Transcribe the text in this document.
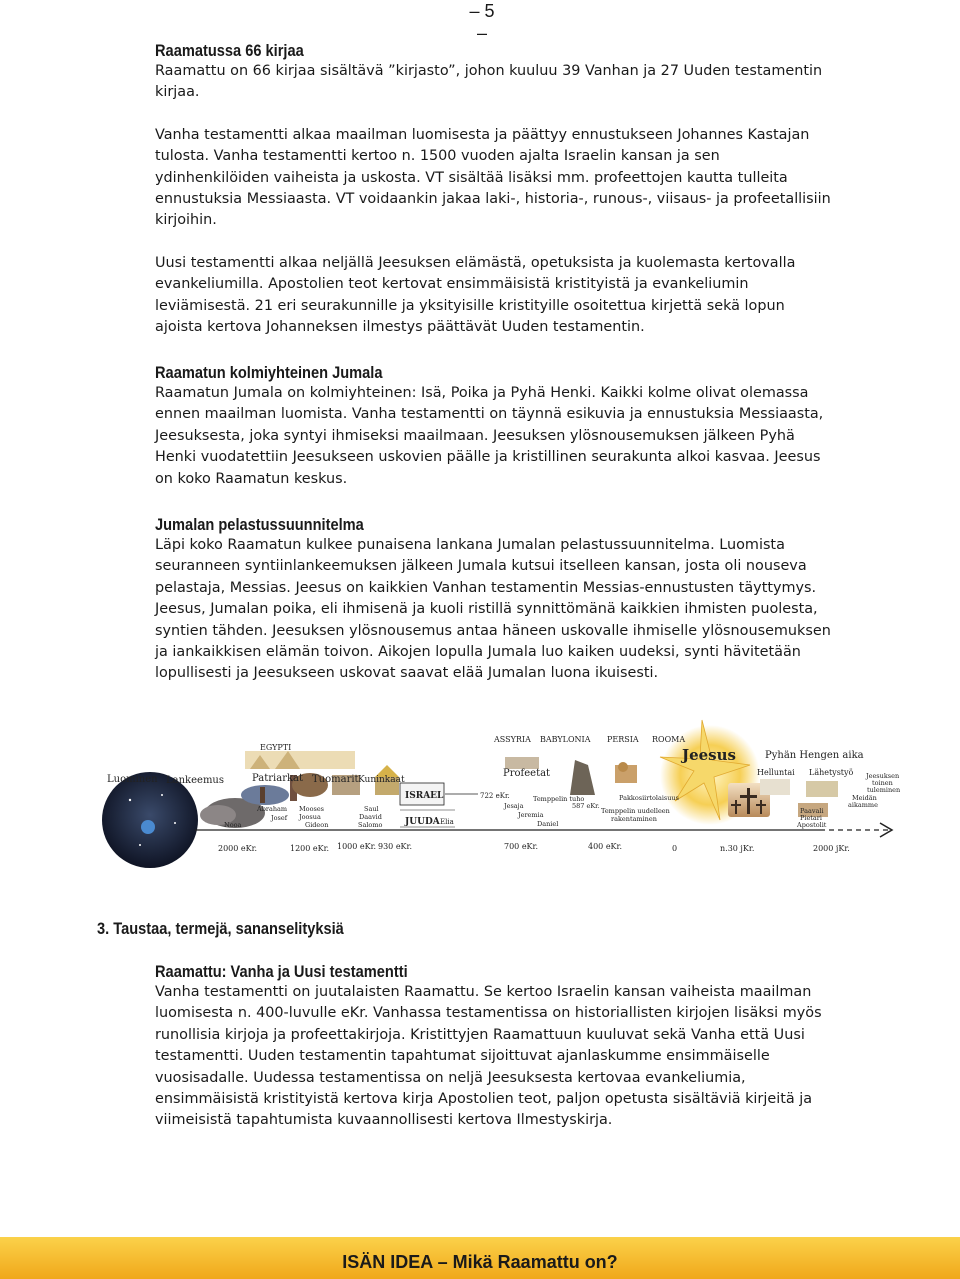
– 5 –
Raamatussa 66 kirjaa

Raamattu on 66 kirjaa sisältävä ”kirjasto”, johon kuuluu 39 Vanhan ja 27 Uuden testamentin kirjaa.

Vanha testamentti alkaa maailman luomisesta ja päättyy ennustukseen Johannes Kastajan tulosta. Vanha testamentti kertoo n. 1500 vuoden ajalta Israelin kansan ja sen ydinhenkilöiden vaiheista ja uskosta. VT sisältää lisäksi mm. profeettojen kautta tulleita ennustuksia Messiaasta. VT voidaankin jakaa laki-, historia-, runous-, viisaus- ja profeetallisiin kirjoihin.

Uusi testamentti alkaa neljällä Jeesuksen elämästä, opetuksista ja kuolemasta kertovalla evankeliumilla. Apostolien teot kertovat ensimmäisistä kristityistä ja evankeliumin leviämisestä. 21 eri seurakunnille ja yksityisille kristityille osoitettua kirjettä sekä lopun ajoista kertova Johanneksen ilmestys päättävät Uuden testamentin.

Raamatun kolmiyhteinen Jumala

Raamatun Jumala on kolmiyhteinen: Isä, Poika ja Pyhä Henki. Kaikki kolme olivat olemassa ennen maailman luomista. Vanha testamentti on täynnä esikuvia ja ennustuksia Messiaasta, Jeesuksesta, joka syntyi ihmiseksi maailmaan. Jeesuksen ylösnousemuksen jälkeen Pyhä Henki vuodatettiin Jeesukseen uskovien päälle ja kristillinen seurakunta alkoi kasvaa. Jeesus on koko Raamatun keskus.

Jumalan pelastussuunnitelma

Läpi koko Raamatun kulkee punaisena lankana Jumalan pelastussuunnitelma. Luomista seuranneen syntiinlankeemuksen jälkeen Jumala kutsui itselleen kansan, josta oli nouseva pelastaja, Messias. Jeesus on kaikkien Vanhan testamentin Messias-ennustusten täyttymys. Jeesus, Jumalan poika, eli ihmisenä ja kuoli ristillä synnittömänä kaikkien ihmisten puolesta, syntien tähden. Jeesuksen ylösnousemus antaa häneen uskovalle ihmiselle ylösnousemuksen ja iankaikkisen elämän toivon. Aikojen lopulla Jumala luo kaiken uudeksi, synti hävitetään lopullisesti ja Jeesukseen uskovat saavat elää Jumalan luona ikuisesti.

Luominen Lankeemus
EGYPTI
Patriarkat Tuomarit Kuninkaat
ISRAEL
JUUDA
722 eKr.
Elia
ASSYRIA BABYLONIA PERSIA ROOMA
Profeetat
Jeesus	Pyhän Hengen aika
Helluntai Lähetystyö Jeesuksen
toinen
tuleminen
Nooa
Abraham
Josef
Mooses
Joosua
Gideon
Saul
Daavid
Salomo
Temppelin tuho
587 eKr.
Jesaja
Jeremia
Daniel
Pakkosiirtolaisuus
Temppelin uudelleen
rakentaminen
Paavali
Pietari
Apostolit
Meidän
aikamme
2000 eKr.	1200 eKr. 1000 eKr. 930 eKr.	700 eKr.	400 eKr.	0	n.30 jKr.	2000 jKr.
3. Taustaa, termejä, sananselityksiä
Raamattu: Vanha ja Uusi testamentti

Vanha testamentti on juutalaisten Raamattu. Se kertoo Israelin kansan vaiheista maailman luomisesta n. 400-luvulle eKr. Vanhassa testamentissa on historiallisten kirjojen lisäksi myös runollisia kirjoja ja profeettakirjoja. Kristittyjen Raamattuun kuuluvat sekä Vanha että Uusi testamentti. Uuden testamentin tapahtumat sijoittuvat ajanlaskumme ensimmäiselle vuosisadalle. Uudessa testamentissa on neljä Jeesuksesta kertovaa evankeliumia, ensimmäisistä kristityistä kertova kirja Apostolien teot, paljon opetusta sisältäviä kirjeitä ja viimeisistä tapahtumista kuvaannollisesti kertova Ilmestyskirja.

ISÄN IDEA – Mikä Raamattu on?
